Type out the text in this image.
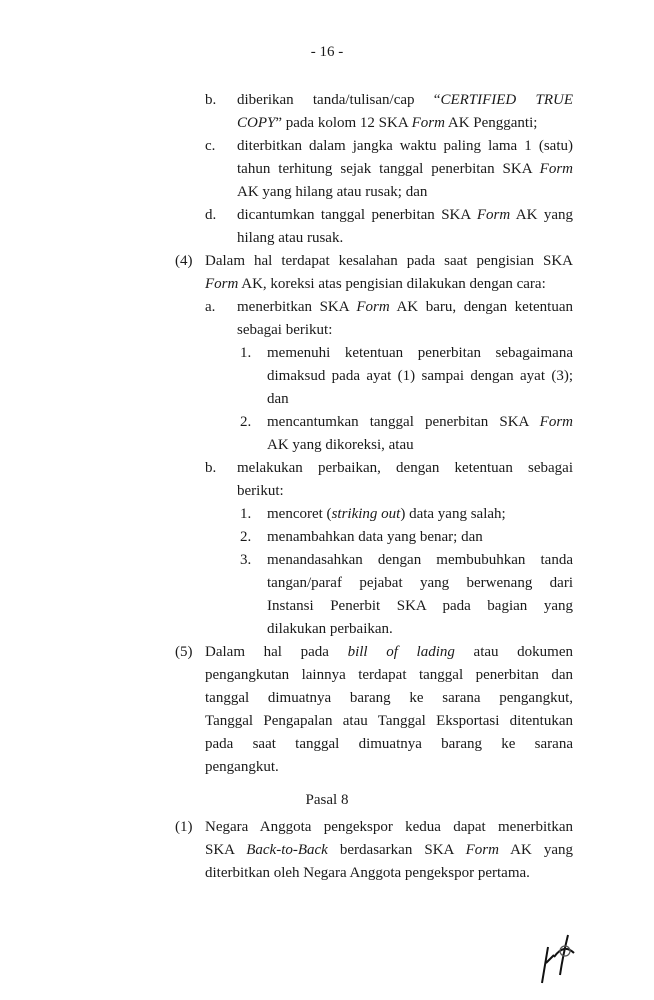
- 16 -
b. diberikan tanda/tulisan/cap “CERTIFIED TRUE
COPY” pada kolom 12 SKA Form AK Pengganti;
c. diterbitkan dalam jangka waktu paling lama 1 (satu)
tahun terhitung sejak tanggal penerbitan SKA Form
AK yang hilang atau rusak; dan
d. dicantumkan tanggal penerbitan SKA Form AK yang
hilang atau rusak.
(4) Dalam hal terdapat kesalahan pada saat pengisian SKA
Form AK, koreksi atas pengisian dilakukan dengan cara:
a. menerbitkan SKA Form AK baru, dengan ketentuan
sebagai berikut:
1. memenuhi ketentuan penerbitan sebagaimana
dimaksud pada ayat (1) sampai dengan ayat (3);
dan
2. mencantumkan tanggal penerbitan SKA Form
AK yang dikoreksi, atau
b. melakukan perbaikan, dengan ketentuan sebagai
berikut:
1. mencoret (striking out) data yang salah;
2. menambahkan data yang benar; dan
3. menandasahkan dengan membubuhkan tanda
tangan/paraf pejabat yang berwenang dari
Instansi Penerbit SKA pada bagian yang
dilakukan perbaikan.
(5) Dalam hal pada bill of lading atau dokumen
pengangkutan lainnya terdapat tanggal penerbitan dan
tanggal dimuatnya barang ke sarana pengangkut,
Tanggal Pengapalan atau Tanggal Eksportasi ditentukan
pada saat tanggal dimuatnya barang ke sarana
pengangkut.
Pasal 8
(1) Negara Anggota pengekspor kedua dapat menerbitkan
SKA Back-to-Back berdasarkan SKA Form AK yang
diterbitkan oleh Negara Anggota pengekspor pertama.
